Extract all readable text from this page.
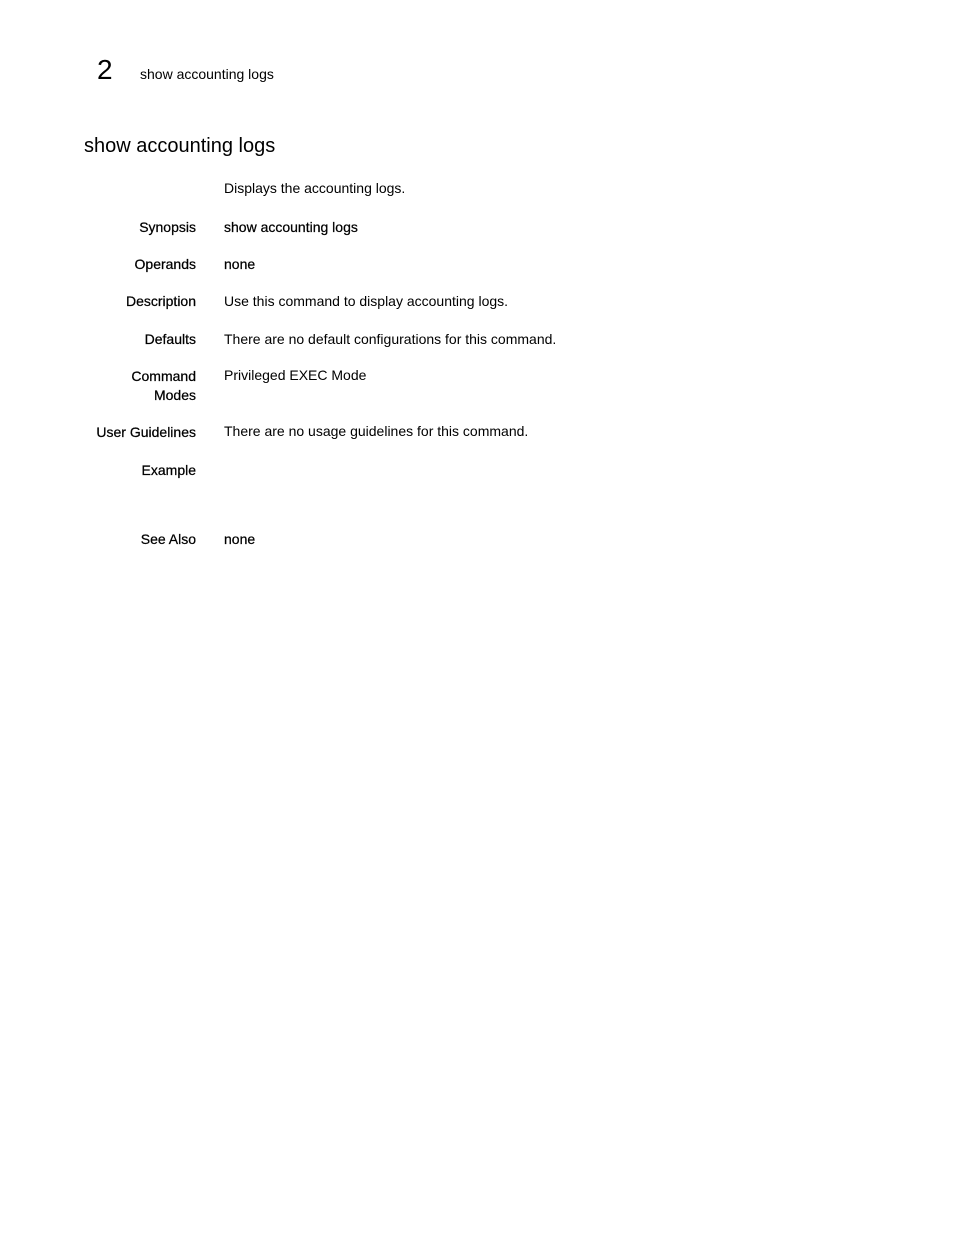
2 show accounting logs
show accounting logs
Displays the accounting logs.
Synopsis show accounting logs
Operands none
Description Use this command to display accounting logs.
Defaults There are no default configurations for this command.
Command
Modes
Privileged EXEC Mode
User Guidelines There are no usage guidelines for this command.
Example
See Also none
